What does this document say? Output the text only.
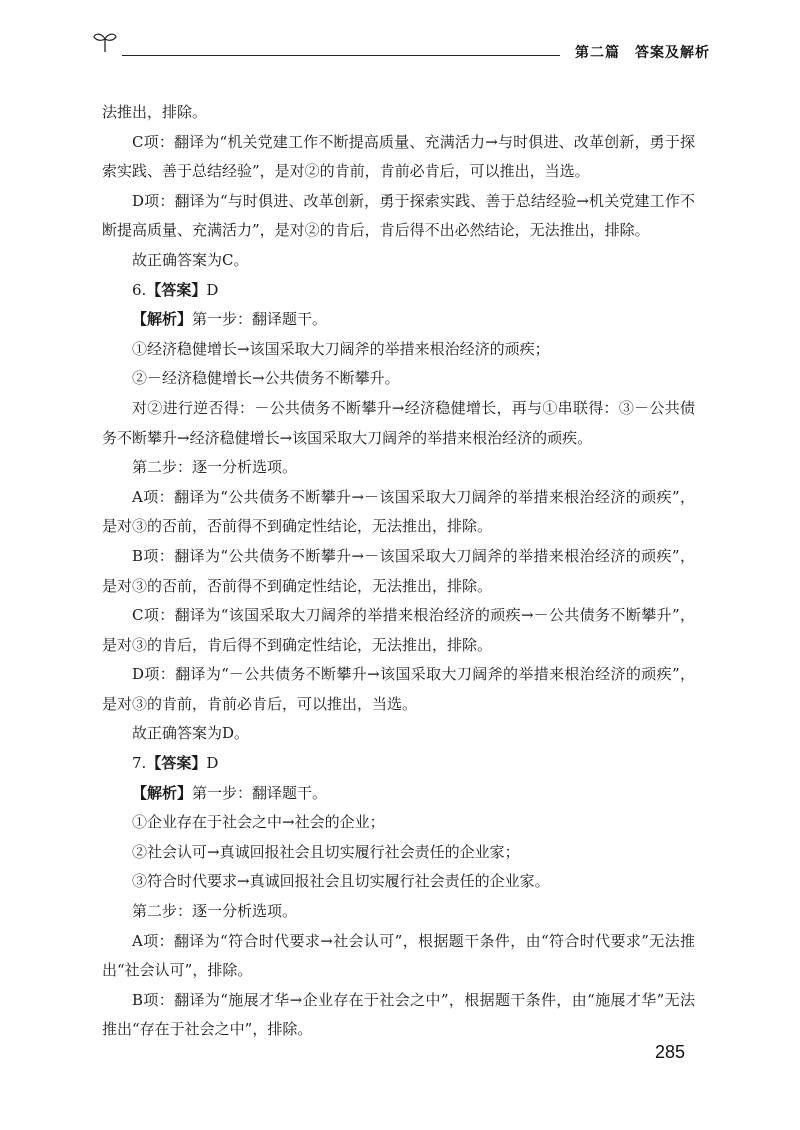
第二篇　答案及解析

法推出，排除。

C项：翻译为“机关党建工作不断提高质量、充满活力→与时俱进、改革创新，勇于探索实践、善于总结经验”，是对②的肯前，肯前必肯后，可以推出，当选。

D项：翻译为“与时俱进、改革创新，勇于探索实践、善于总结经验→机关党建工作不断提高质量、充满活力”，是对②的肯后，肯后得不出必然结论，无法推出，排除。

故正确答案为C。

6.【答案】D

【解析】第一步：翻译题干。

①经济稳健增长→该国采取大刀阔斧的举措来根治经济的顽疾；

②－经济稳健增长→公共债务不断攀升。

对②进行逆否得：－公共债务不断攀升→经济稳健增长，再与①串联得：③－公共债务不断攀升→经济稳健增长→该国采取大刀阔斧的举措来根治经济的顽疾。

第二步：逐一分析选项。

A项：翻译为“公共债务不断攀升→－该国采取大刀阔斧的举措来根治经济的顽疾”，是对③的否前，否前得不到确定性结论，无法推出，排除。

B项：翻译为“公共债务不断攀升→－该国采取大刀阔斧的举措来根治经济的顽疾”，是对③的否前，否前得不到确定性结论，无法推出，排除。

C项：翻译为“该国采取大刀阔斧的举措来根治经济的顽疾→－公共债务不断攀升”，是对③的肯后，肯后得不到确定性结论，无法推出，排除。

D项：翻译为“－公共债务不断攀升→该国采取大刀阔斧的举措来根治经济的顽疾”，是对③的肯前，肯前必肯后，可以推出，当选。

故正确答案为D。

7.【答案】D

【解析】第一步：翻译题干。

①企业存在于社会之中→社会的企业；

②社会认可→真诚回报社会且切实履行社会责任的企业家；

③符合时代要求→真诚回报社会且切实履行社会责任的企业家。

第二步：逐一分析选项。

A项：翻译为“符合时代要求→社会认可”，根据题干条件，由“符合时代要求”无法推出“社会认可”，排除。

B项：翻译为“施展才华→企业存在于社会之中”，根据题干条件，由“施展才华”无法推出“存在于社会之中”，排除。

285
